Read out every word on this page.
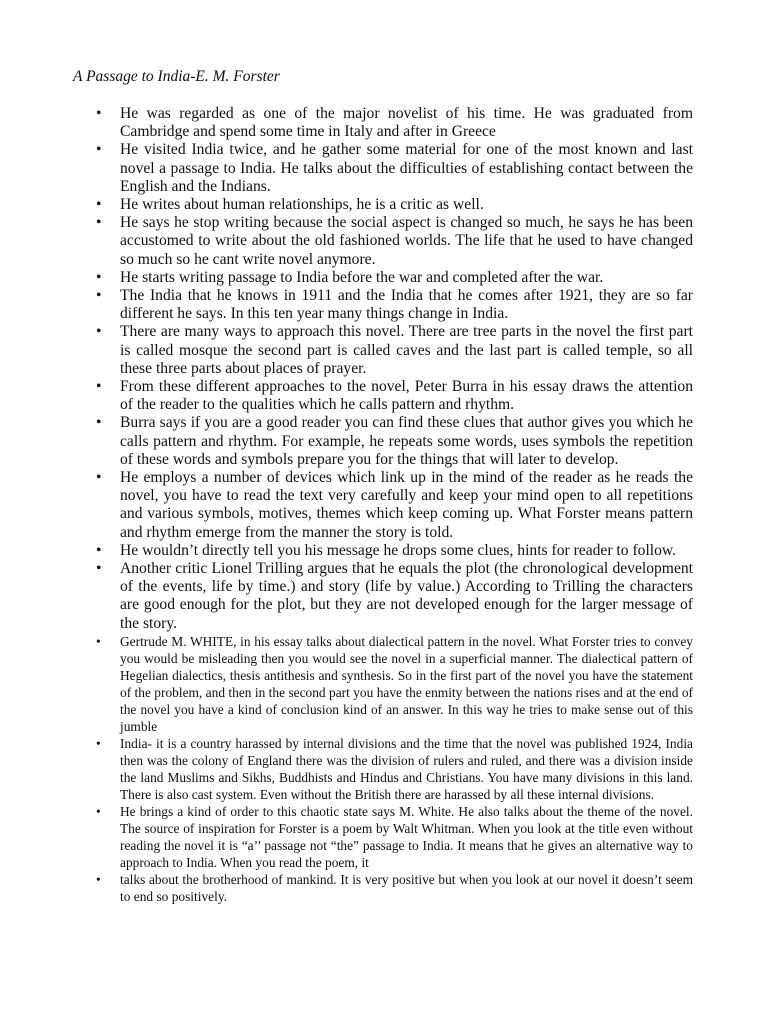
A Passage to India-E. M. Forster

• He was regarded as one of the major novelist of his time. He was graduated from Cambridge and spend some time in Italy and after in Greece
• He visited India twice, and he gather some material for one of the most known and last novel a passage to India. He talks about the difficulties of establishing contact between the English and the Indians.
• He writes about human relationships, he is a critic as well.
• He says he stop writing because the social aspect is changed so much, he says he has been accustomed to write about the old fashioned worlds. The life that he used to have changed so much so he cant write novel anymore.
• He starts writing passage to India before the war and completed after the war.
• The India that he knows in 1911 and the India that he comes after 1921, they are so far different he says. In this ten year many things change in India.
• There are many ways to approach this novel. There are tree parts in the novel the first part is called mosque the second part is called caves and the last part is called temple, so all these three parts about places of prayer.
• From these different approaches to the novel, Peter Burra in his essay draws the attention of the reader to the qualities which he calls pattern and rhythm.
• Burra says if you are a good reader you can find these clues that author gives you which he calls pattern and rhythm. For example, he repeats some words, uses symbols the repetition of these words and symbols prepare you for the things that will later to develop.
• He employs a number of devices which link up in the mind of the reader as he reads the novel, you have to read the text very carefully and keep your mind open to all repetitions and various symbols, motives, themes which keep coming up. What Forster means pattern and rhythm emerge from the manner the story is told.
• He wouldn’t directly tell you his message he drops some clues, hints for reader to follow.
• Another critic Lionel Trilling argues that he equals the plot (the chronological development of the events, life by time.) and story (life by value.) According to Trilling the characters are good enough for the plot, but they are not developed enough for the larger message of the story.
• Gertrude M. WHITE, in his essay talks about dialectical pattern in the novel. What Forster tries to convey you would be misleading then you would see the novel in a superficial manner. The dialectical pattern of Hegelian dialectics, thesis antithesis and synthesis. So in the first part of the novel you have the statement of the problem, and then in the second part you have the enmity between the nations rises and at the end of the novel you have a kind of conclusion kind of an answer. In this way he tries to make sense out of this jumble
• India- it is a country harassed by internal divisions and the time that the novel was published 1924, India then was the colony of England there was the division of rulers and ruled, and there was a division inside the land Muslims and Sikhs, Buddhists and Hindus and Christians. You have many divisions in this land. There is also cast system. Even without the British there are harassed by all these internal divisions.
• He brings a kind of order to this chaotic state says M. White. He also talks about the theme of the novel. The source of inspiration for Forster is a poem by Walt Whitman. When you look at the title even without reading the novel it is “a’’ passage not “the” passage to India. It means that he gives an alternative way to approach to India. When you read the poem, it
• talks about the brotherhood of mankind. It is very positive but when you look at our novel it doesn’t seem to end so positively.
